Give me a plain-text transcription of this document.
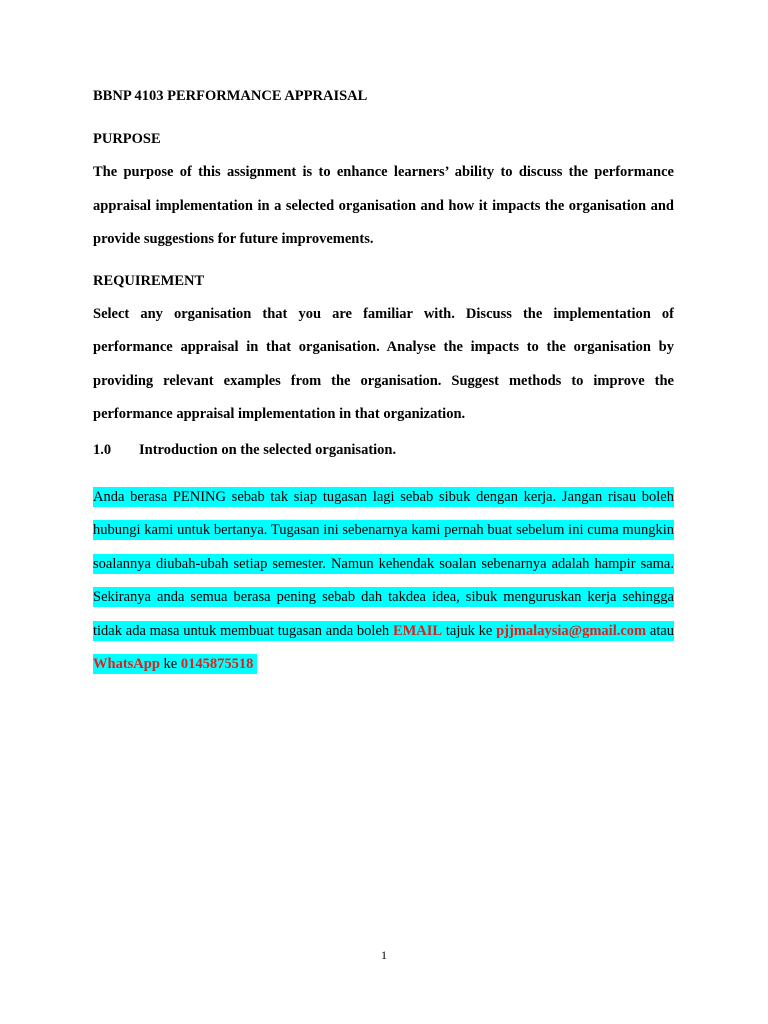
BBNP 4103 PERFORMANCE APPRAISAL

PURPOSE

The purpose of this assignment is to enhance learners’ ability to discuss the performance appraisal implementation in a selected organisation and how it impacts the organisation and provide suggestions for future improvements.

REQUIREMENT

Select any organisation that you are familiar with. Discuss the implementation of performance appraisal in that organisation. Analyse the impacts to the organisation by providing relevant examples from the organisation. Suggest methods to improve the performance appraisal implementation in that organization.

1.0	Introduction on the selected organisation.

Anda berasa PENING sebab tak siap tugasan lagi sebab sibuk dengan kerja. Jangan risau boleh hubungi kami untuk bertanya. Tugasan ini sebenarnya kami pernah buat sebelum ini cuma mungkin soalannya diubah-ubah setiap semester. Namun kehendak soalan sebenarnya adalah hampir sama. Sekiranya anda semua berasa pening sebab dah takdea idea, sibuk menguruskan kerja sehingga tidak ada masa untuk membuat tugasan anda boleh EMAIL tajuk ke pjjmalaysia@gmail.com atau WhatsApp ke 0145875518

1
